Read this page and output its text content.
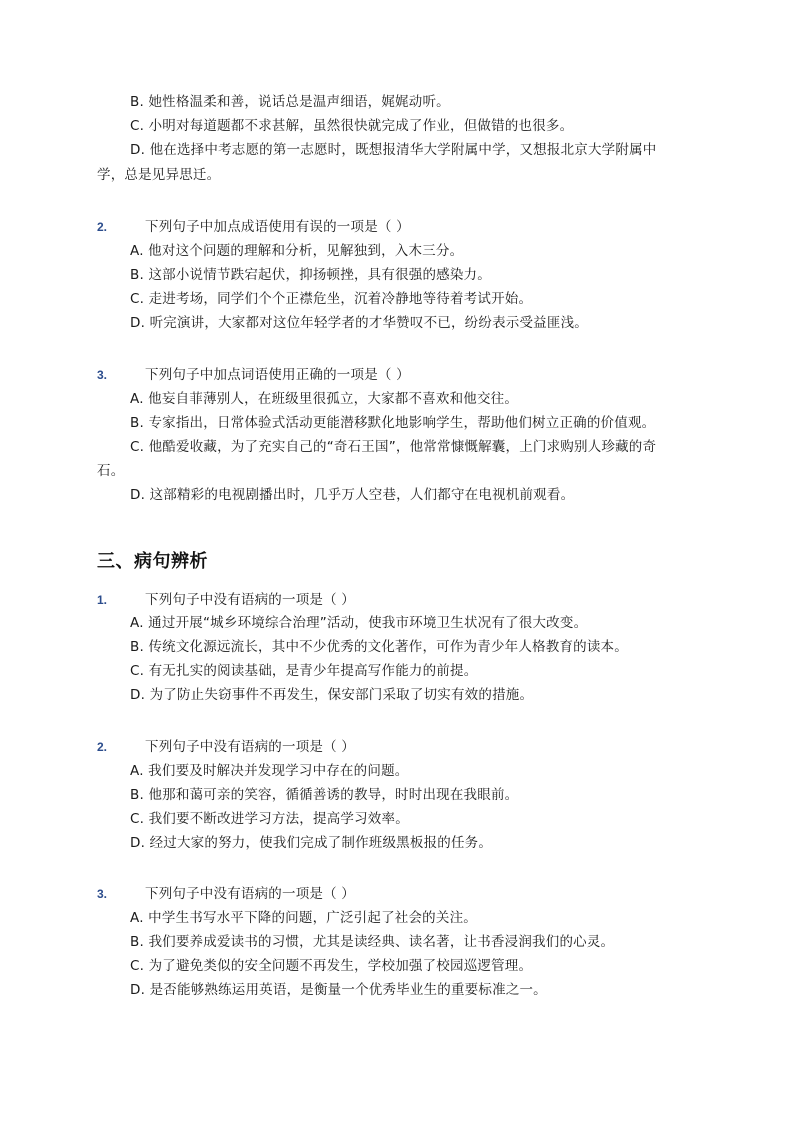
B. 她性格温柔和善，说话总是温声细语，娓娓动听。
C. 小明对每道题都不求甚解，虽然很快就完成了作业，但做错的也很多。
D. 他在选择中考志愿的第一志愿时，既想报清华大学附属中学，又想报北京大学附属中
学，总是见异思迁。
2.	下列句子中加点成语使用有误的一项是（ ）
A. 他对这个问题的理解和分析，见解独到，入木三分。
B. 这部小说情节跌宕起伏，抑扬顿挫，具有很强的感染力。
C. 走进考场，同学们个个正襟危坐，沉着冷静地等待着考试开始。
D. 听完演讲，大家都对这位年轻学者的才华赞叹不已，纷纷表示受益匪浅。
3.	下列句子中加点词语使用正确的一项是（ ）
A. 他妄自菲薄别人，在班级里很孤立，大家都不喜欢和他交往。
B. 专家指出，日常体验式活动更能潜移默化地影响学生，帮助他们树立正确的价值观。
C. 他酷爱收藏，为了充实自己的“奇石王国”，他常常慷慨解囊，上门求购别人珍藏的奇
石。
D. 这部精彩的电视剧播出时，几乎万人空巷，人们都守在电视机前观看。
三、病句辨析
1.	下列句子中没有语病的一项是（ ）
A. 通过开展“城乡环境综合治理”活动，使我市环境卫生状况有了很大改变。
B. 传统文化源远流长，其中不少优秀的文化著作，可作为青少年人格教育的读本。
C. 有无扎实的阅读基础，是青少年提高写作能力的前提。
D. 为了防止失窃事件不再发生，保安部门采取了切实有效的措施。
2.	下列句子中没有语病的一项是（ ）
A. 我们要及时解决并发现学习中存在的问题。
B. 他那和蔼可亲的笑容，循循善诱的教导，时时出现在我眼前。
C. 我们要不断改进学习方法，提高学习效率。
D. 经过大家的努力，使我们完成了制作班级黑板报的任务。
3.	下列句子中没有语病的一项是（ ）
A. 中学生书写水平下降的问题，广泛引起了社会的关注。
B. 我们要养成爱读书的习惯，尤其是读经典、读名著，让书香浸润我们的心灵。
C. 为了避免类似的安全问题不再发生，学校加强了校园巡逻管理。
D. 是否能够熟练运用英语，是衡量一个优秀毕业生的重要标准之一。
